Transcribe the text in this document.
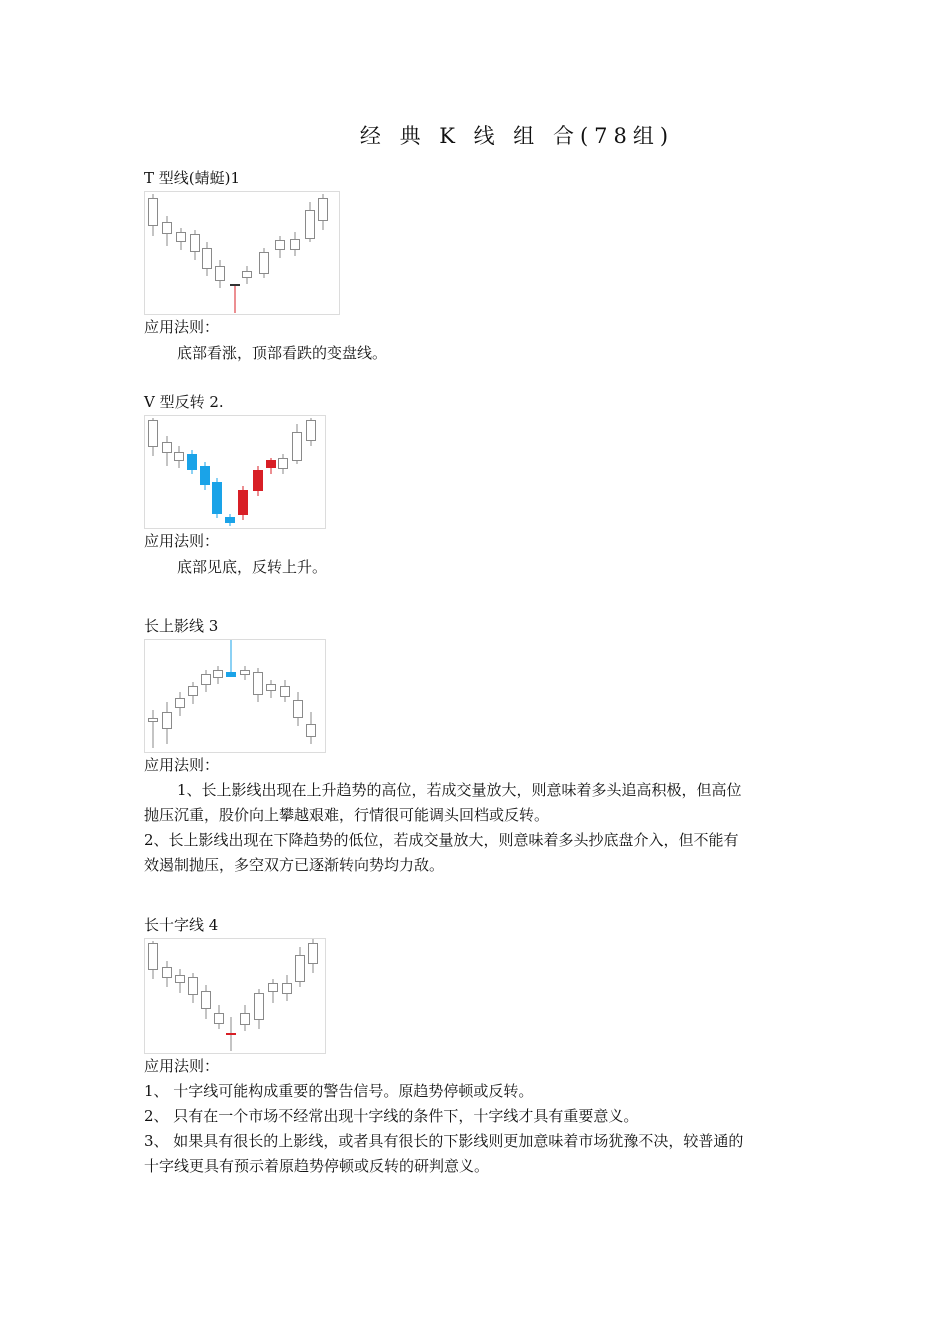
经 典 K 线 组 合(78组)

T 型线(蜻蜓)1

应用法则：
底部看涨，顶部看跌的变盘线。

V 型反转 2.

应用法则：
底部见底，反转上升。

长上影线 3

应用法则：
1、长上影线出现在上升趋势的高位，若成交量放大，则意味着多头追高积极，但高位
抛压沉重，股价向上攀越艰难，行情很可能调头回档或反转。
2、长上影线出现在下降趋势的低位，若成交量放大，则意味着多头抄底盘介入，但不能有
效遏制抛压，多空双方已逐渐转向势均力敌。

长十字线 4

应用法则：
1、 十字线可能构成重要的警告信号。原趋势停顿或反转。
2、 只有在一个市场不经常出现十字线的条件下，十字线才具有重要意义。
3、 如果具有很长的上影线，或者具有很长的下影线则更加意味着市场犹豫不决，较普通的
十字线更具有预示着原趋势停顿或反转的研判意义。
